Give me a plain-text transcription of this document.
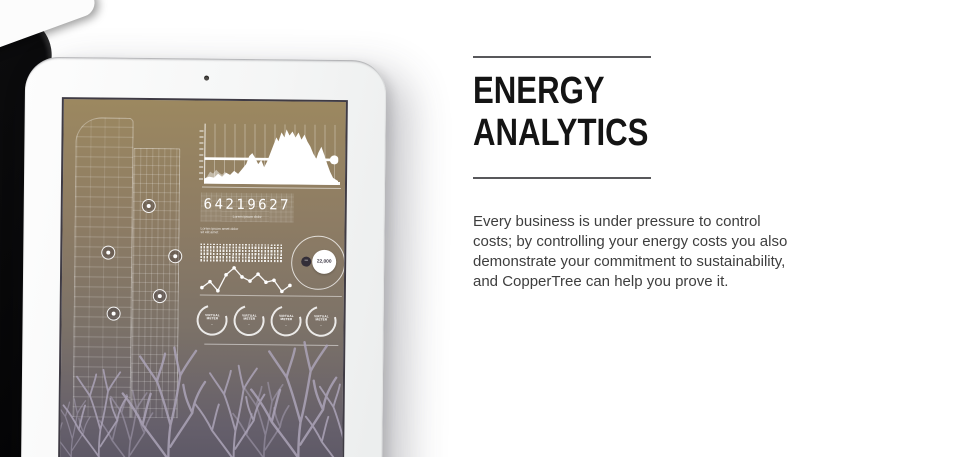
64219627
Lorem ipsum dolor
Lorem ipsum amet dolor
sit elit amet
22,000
–
VIRTUAL
METER
–
VIRTUAL
METER
–
VIRTUAL
METER
–
VIRTUAL
METER
–
ENERGY
ANALYTICS

Every business is under pressure to control
costs; by controlling your energy costs you also
demonstrate your commitment to sustainability,
and CopperTree can help you prove it.
